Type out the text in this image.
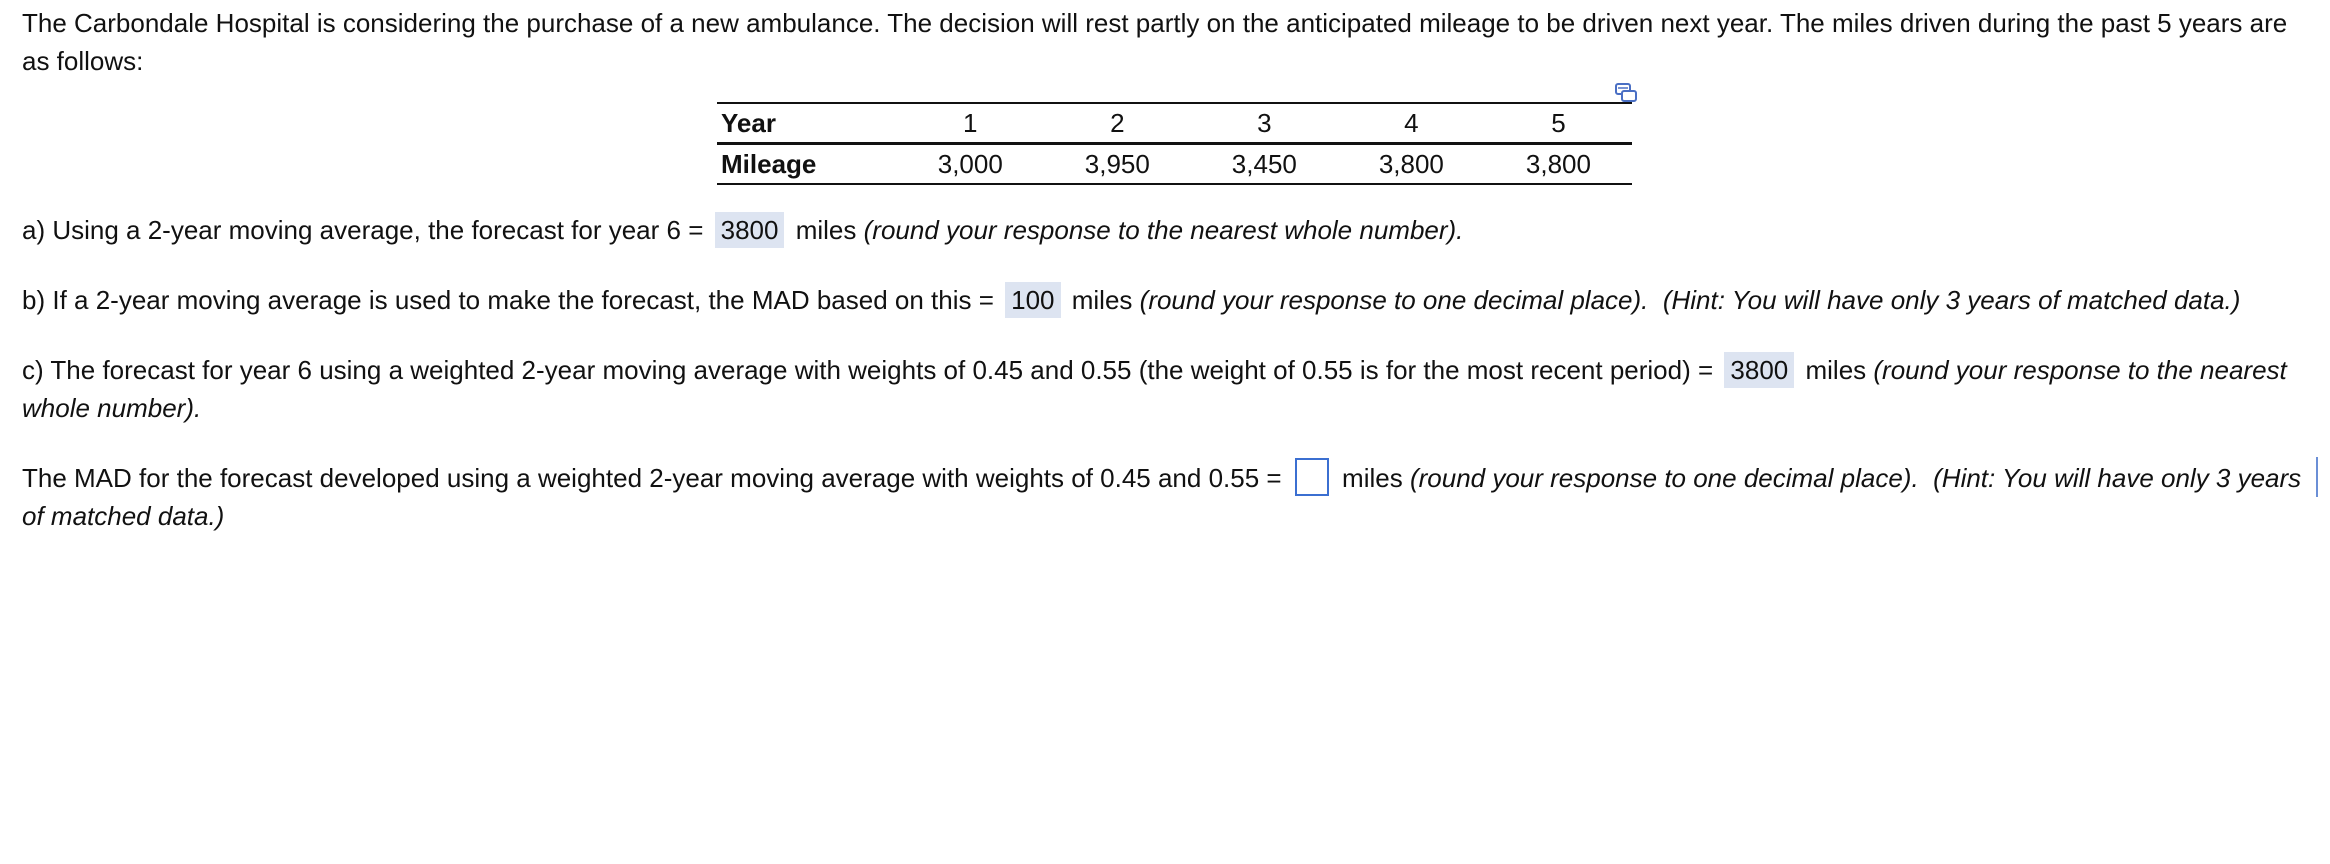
The Carbondale Hospital is considering the purchase of a new ambulance. The decision will rest partly on the anticipated mileage to be driven next year. The miles driven during the past 5 years are as follows:

Year	1	2	3	4	5
Mileage	3,000	3,950	3,450	3,800	3,800

a) Using a 2-year moving average, the forecast for year 6 = 3800 miles (round your response to the nearest whole number).

b) If a 2-year moving average is used to make the forecast, the MAD based on this = 100 miles (round your response to one decimal place). (Hint: You will have only 3 years of matched data.)

c) The forecast for year 6 using a weighted 2-year moving average with weights of 0.45 and 0.55 (the weight of 0.55 is for the most recent period) = 3800 miles (round your response to the nearest whole number).

The MAD for the forecast developed using a weighted 2-year moving average with weights of 0.45 and 0.55 = miles (round your response to one decimal place). (Hint: You will have only 3 years of matched data.)
